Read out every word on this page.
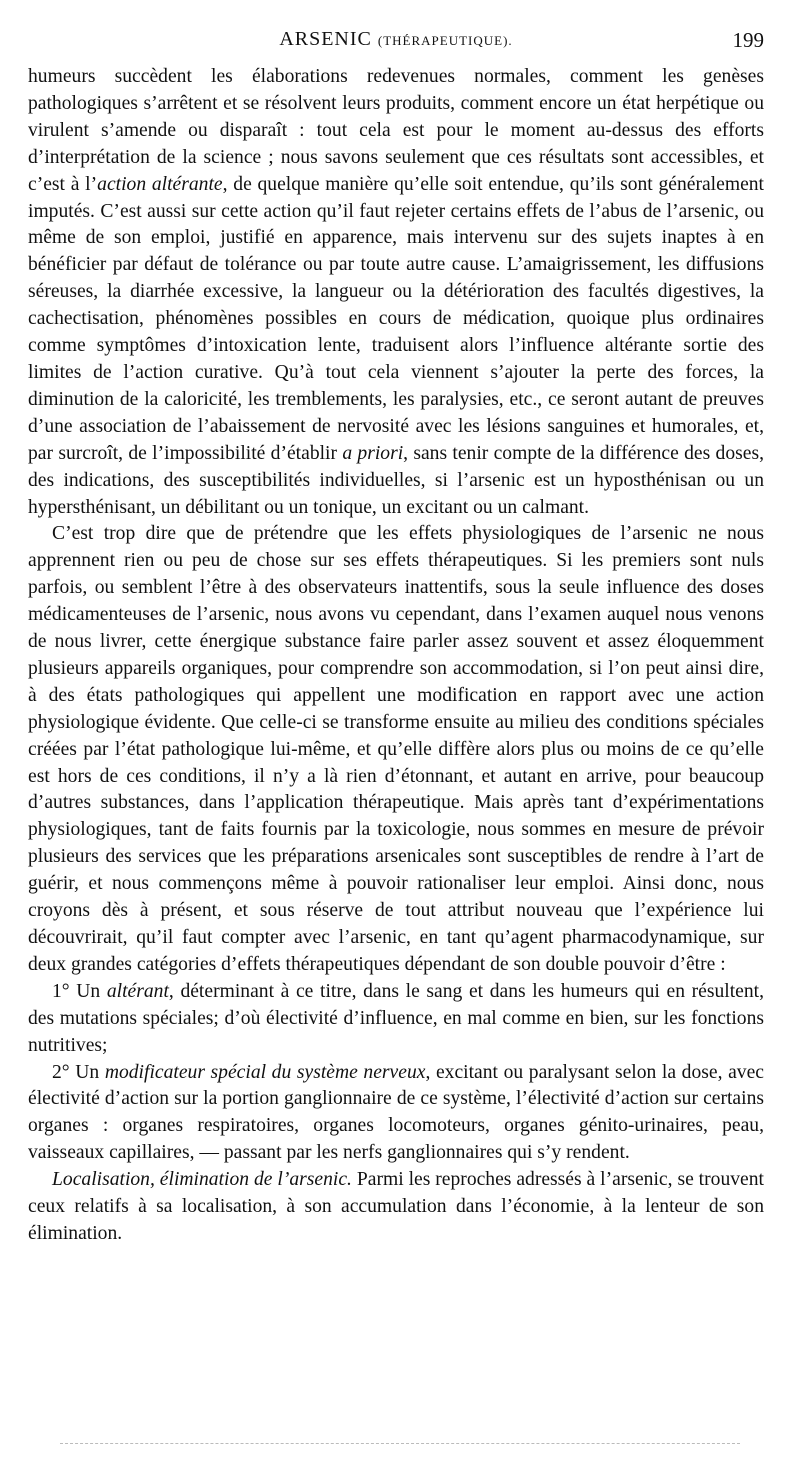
ARSENIC (THÉRAPEUTIQUE).	199

humeurs succèdent les élaborations redevenues normales, comment les genèses pathologiques s’arrêtent et se résolvent leurs produits, comment encore un état herpétique ou virulent s’amende ou disparaît : tout cela est pour le moment au-dessus des efforts d’interprétation de la science ; nous savons seulement que ces résultats sont accessibles, et c’est à l’action altérante, de quelque manière qu’elle soit entendue, qu’ils sont généralement imputés. C’est aussi sur cette action qu’il faut rejeter certains effets de l’abus de l’arsenic, ou même de son emploi, justifié en apparence, mais intervenu sur des sujets inaptes à en bénéficier par défaut de tolérance ou par toute autre cause. L’amaigrissement, les diffusions séreuses, la diarrhée excessive, la langueur ou la détérioration des facultés digestives, la cachectisation, phénomènes possibles en cours de médication, quoique plus ordinaires comme symptômes d’intoxication lente, traduisent alors l’influence altérante sortie des limites de l’action curative. Qu’à tout cela viennent s’ajouter la perte des forces, la diminution de la caloricité, les tremblements, les paralysies, etc., ce seront autant de preuves d’une association de l’abaissement de nervosité avec les lésions sanguines et humorales, et, par surcroît, de l’impossibilité d’établir a priori, sans tenir compte de la différence des doses, des indications, des susceptibilités individuelles, si l’arsenic est un hyposthénisan ou un hypersthénisant, un débilitant ou un tonique, un excitant ou un calmant.

C’est trop dire que de prétendre que les effets physiologiques de l’arsenic ne nous apprennent rien ou peu de chose sur ses effets thérapeutiques. Si les premiers sont nuls parfois, ou semblent l’être à des observateurs inattentifs, sous la seule influence des doses médicamenteuses de l’arsenic, nous avons vu cependant, dans l’examen auquel nous venons de nous livrer, cette énergique substance faire parler assez souvent et assez éloquemment plusieurs appareils organiques, pour comprendre son accommodation, si l’on peut ainsi dire, à des états pathologiques qui appellent une modification en rapport avec une action physiologique évidente. Que celle-ci se transforme ensuite au milieu des conditions spéciales créées par l’état pathologique lui-même, et qu’elle diffère alors plus ou moins de ce qu’elle est hors de ces conditions, il n’y a là rien d’étonnant, et autant en arrive, pour beaucoup d’autres substances, dans l’application thérapeutique. Mais après tant d’expérimentations physiologiques, tant de faits fournis par la toxicologie, nous sommes en mesure de prévoir plusieurs des services que les préparations arsenicales sont susceptibles de rendre à l’art de guérir, et nous commençons même à pouvoir rationaliser leur emploi. Ainsi donc, nous croyons dès à présent, et sous réserve de tout attribut nouveau que l’expérience lui découvrirait, qu’il faut compter avec l’arsenic, en tant qu’agent pharmacodynamique, sur deux grandes catégories d’effets thérapeutiques dépendant de son double pouvoir d’être :

1° Un altérant, déterminant à ce titre, dans le sang et dans les humeurs qui en résultent, des mutations spéciales; d’où électivité d’influence, en mal comme en bien, sur les fonctions nutritives;

2° Un modificateur spécial du système nerveux, excitant ou paralysant selon la dose, avec électivité d’action sur la portion ganglionnaire de ce système, l’électivité d’action sur certains organes : organes respiratoires, organes locomoteurs, organes génito-urinaires, peau, vaisseaux capillaires, — passant par les nerfs ganglionnaires qui s’y rendent.

Localisation, élimination de l’arsenic. Parmi les reproches adressés à l’arsenic, se trouvent ceux relatifs à sa localisation, à son accumulation dans l’économie, à la lenteur de son élimination.
